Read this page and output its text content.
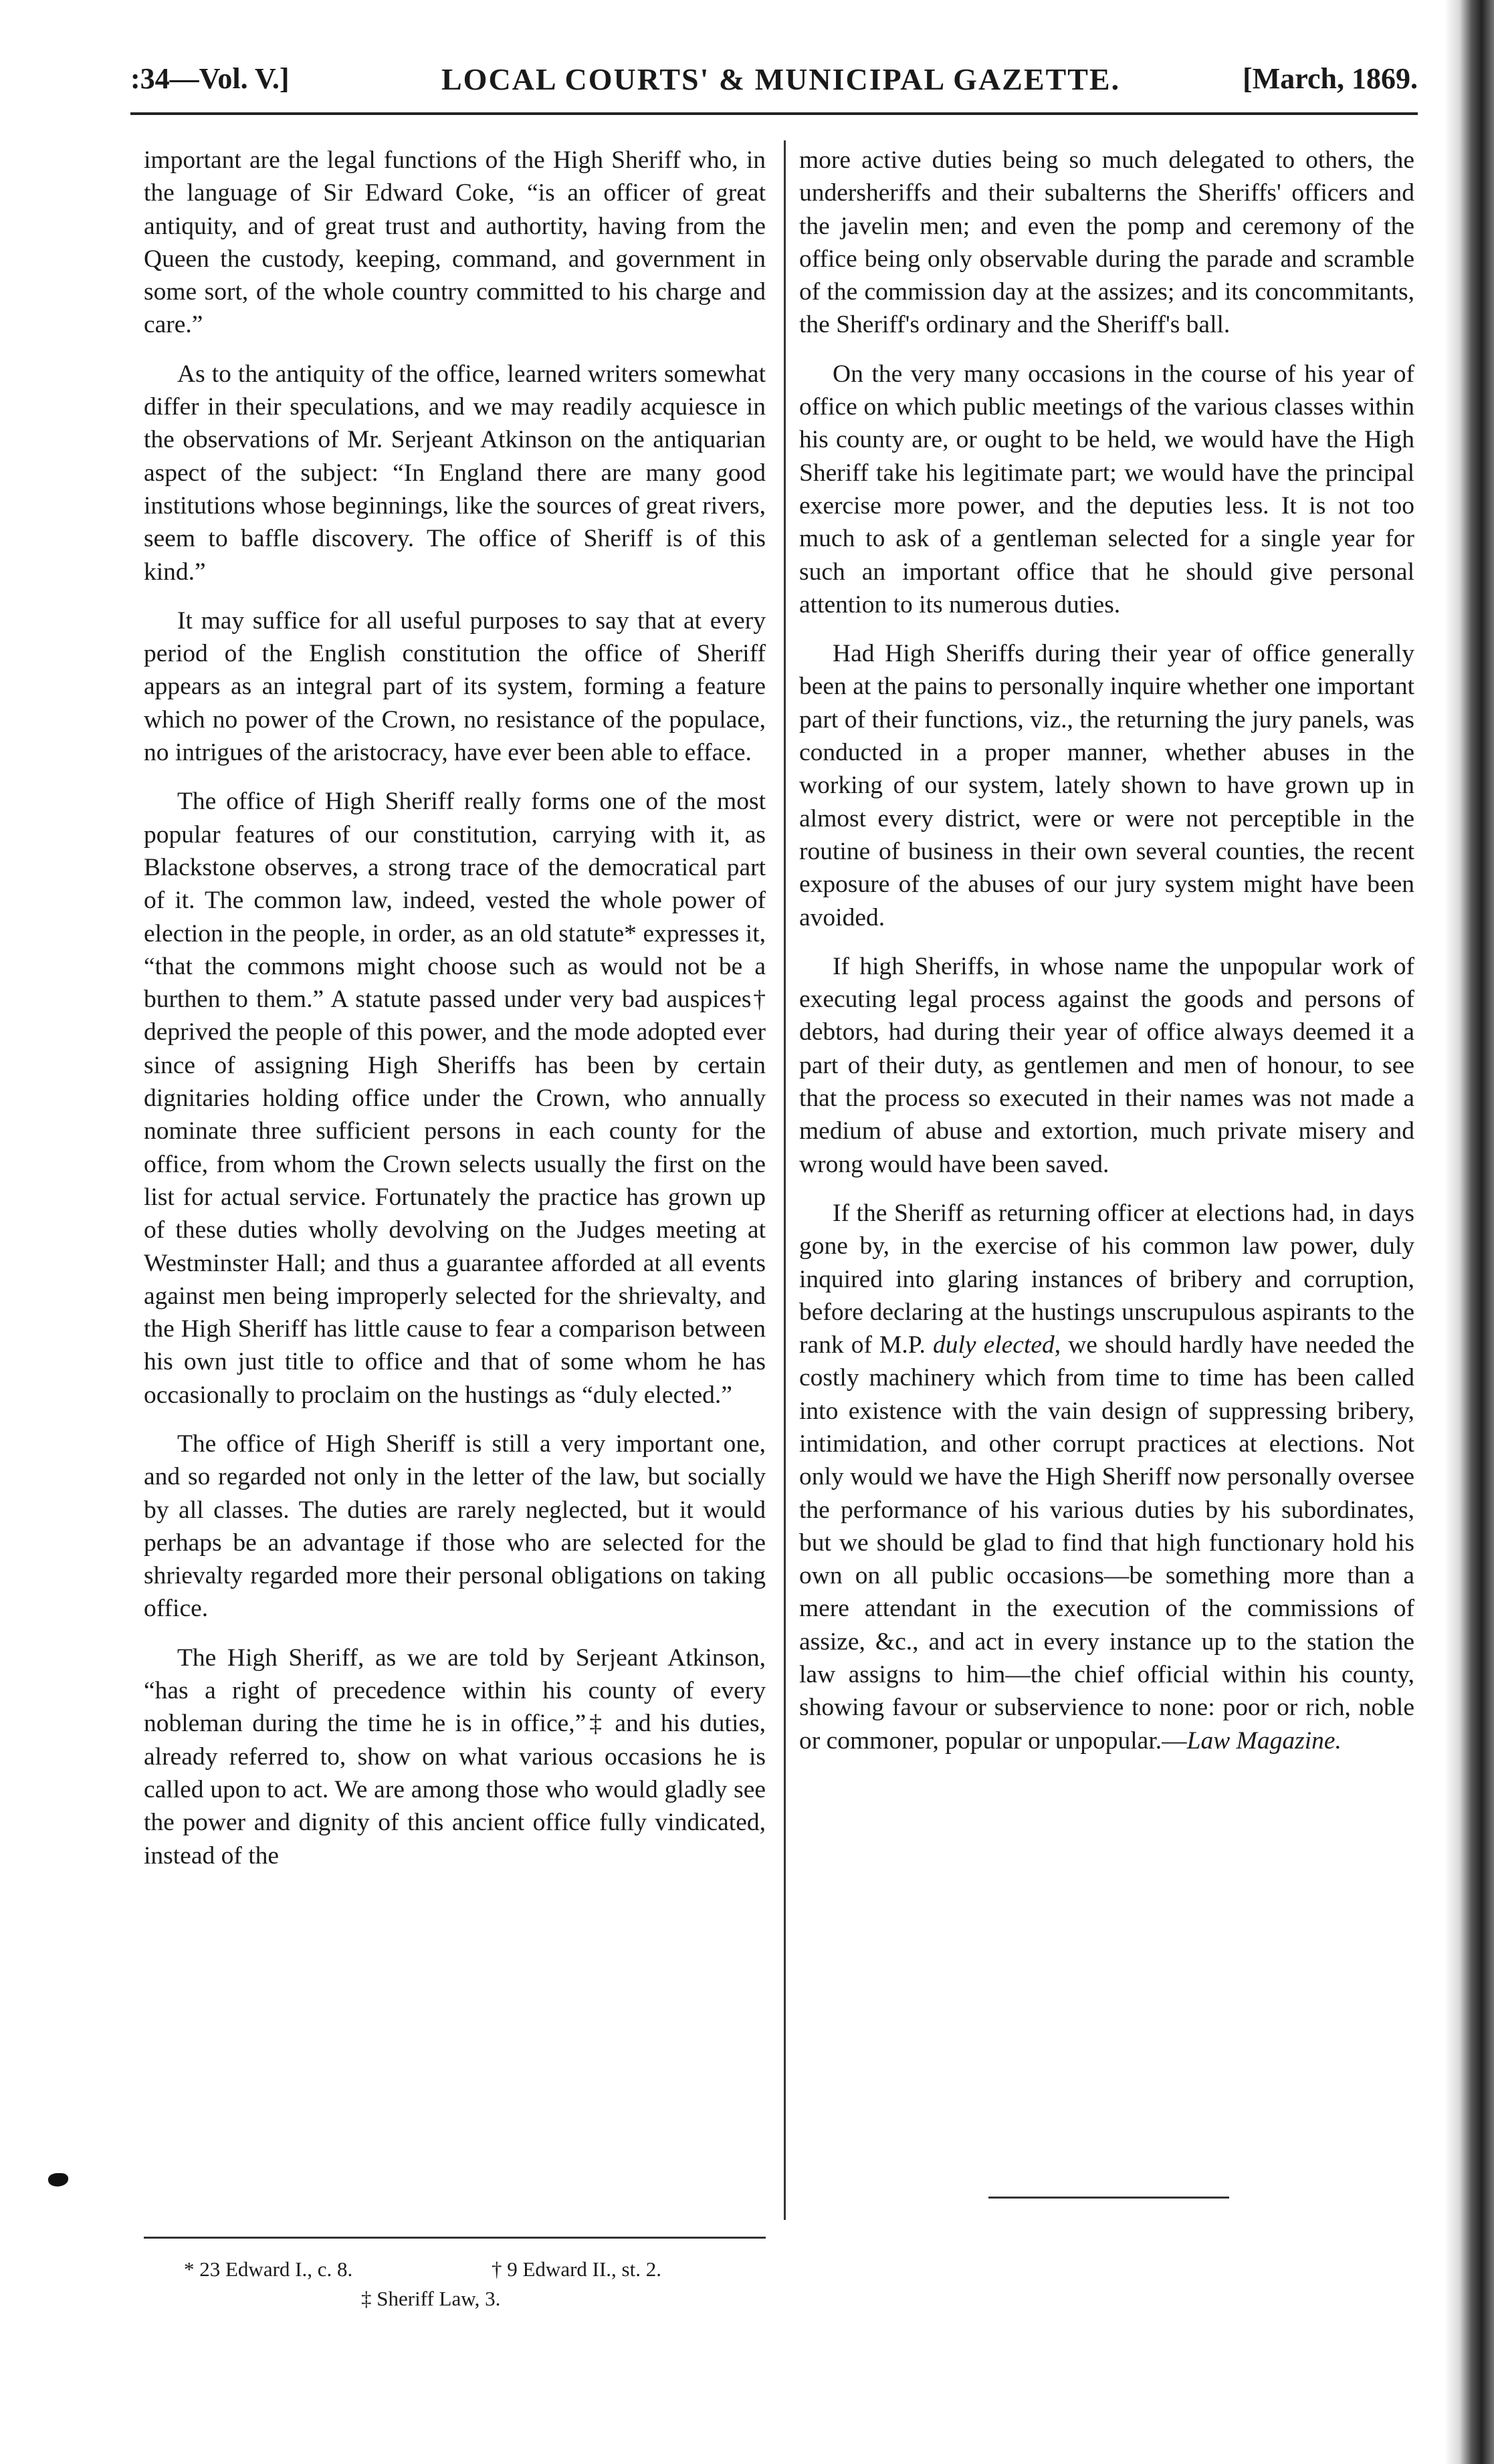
:34—Vol. V.]	LOCAL COURTS' & MUNICIPAL GAZETTE.	[March, 1869.

important are the legal functions of the High Sheriff who, in the language of Sir Edward Coke, “is an officer of great antiquity, and of great trust and authortity, having from the Queen the custody, keeping, command, and government in some sort, of the whole country committed to his charge and care.”

As to the antiquity of the office, learned writers somewhat differ in their speculations, and we may readily acquiesce in the observations of Mr. Serjeant Atkinson on the antiquarian aspect of the subject: “In England there are many good institutions whose beginnings, like the sources of great rivers, seem to baffle discovery. The office of Sheriff is of this kind.”

It may suffice for all useful purposes to say that at every period of the English constitution the office of Sheriff appears as an integral part of its system, forming a feature which no power of the Crown, no resistance of the populace, no intrigues of the aristocracy, have ever been able to efface.

The office of High Sheriff really forms one of the most popular features of our constitution, carrying with it, as Blackstone observes, a strong trace of the democratical part of it. The common law, indeed, vested the whole power of election in the people, in order, as an old statute* expresses it, “that the commons might choose such as would not be a burthen to them.” A statute passed under very bad auspices† deprived the people of this power, and the mode adopted ever since of assigning High Sheriffs has been by certain dignitaries holding office under the Crown, who annually nominate three sufficient persons in each county for the office, from whom the Crown selects usually the first on the list for actual service. Fortunately the practice has grown up of these duties wholly devolving on the Judges meeting at Westminster Hall; and thus a guarantee afforded at all events against men being improperly selected for the shrievalty, and the High Sheriff has little cause to fear a comparison between his own just title to office and that of some whom he has occasionally to proclaim on the hustings as “duly elected.”

The office of High Sheriff is still a very important one, and so regarded not only in the letter of the law, but socially by all classes. The duties are rarely neglected, but it would perhaps be an advantage if those who are selected for the shrievalty regarded more their personal obligations on taking office.

The High Sheriff, as we are told by Serjeant Atkinson, “has a right of precedence within his county of every nobleman during the time he is in office,”‡ and his duties, already referred to, show on what various occasions he is called upon to act. We are among those who would gladly see the power and dignity of this ancient office fully vindicated, instead of the

more active duties being so much delegated to others, the undersheriffs and their subalterns the Sheriffs' officers and the javelin men; and even the pomp and ceremony of the office being only observable during the parade and scramble of the commission day at the assizes; and its concommitants, the Sheriff's ordinary and the Sheriff's ball.

On the very many occasions in the course of his year of office on which public meetings of the various classes within his county are, or ought to be held, we would have the High Sheriff take his legitimate part; we would have the principal exercise more power, and the deputies less. It is not too much to ask of a gentleman selected for a single year for such an important office that he should give personal attention to its numerous duties.

Had High Sheriffs during their year of office generally been at the pains to personally inquire whether one important part of their functions, viz., the returning the jury panels, was conducted in a proper manner, whether abuses in the working of our system, lately shown to have grown up in almost every district, were or were not perceptible in the routine of business in their own several counties, the recent exposure of the abuses of our jury system might have been avoided.

If high Sheriffs, in whose name the unpopular work of executing legal process against the goods and persons of debtors, had during their year of office always deemed it a part of their duty, as gentlemen and men of honour, to see that the process so executed in their names was not made a medium of abuse and extortion, much private misery and wrong would have been saved.

If the Sheriff as returning officer at elections had, in days gone by, in the exercise of his common law power, duly inquired into glaring instances of bribery and corruption, before declaring at the hustings unscrupulous aspirants to the rank of M.P. duly elected, we should hardly have needed the costly machinery which from time to time has been called into existence with the vain design of suppressing bribery, intimidation, and other corrupt practices at elections. Not only would we have the High Sheriff now personally oversee the performance of his various duties by his subordinates, but we should be glad to find that high functionary hold his own on all public occasions—be something more than a mere attendant in the execution of the commissions of assize, &c., and act in every instance up to the station the law assigns to him—the chief official within his county, showing favour or subservience to none: poor or rich, noble or commoner, popular or unpopular.—Law Magazine.

* 23 Edward I., c. 8.	† 9 Edward II., st. 2.
‡ Sheriff Law, 3.
